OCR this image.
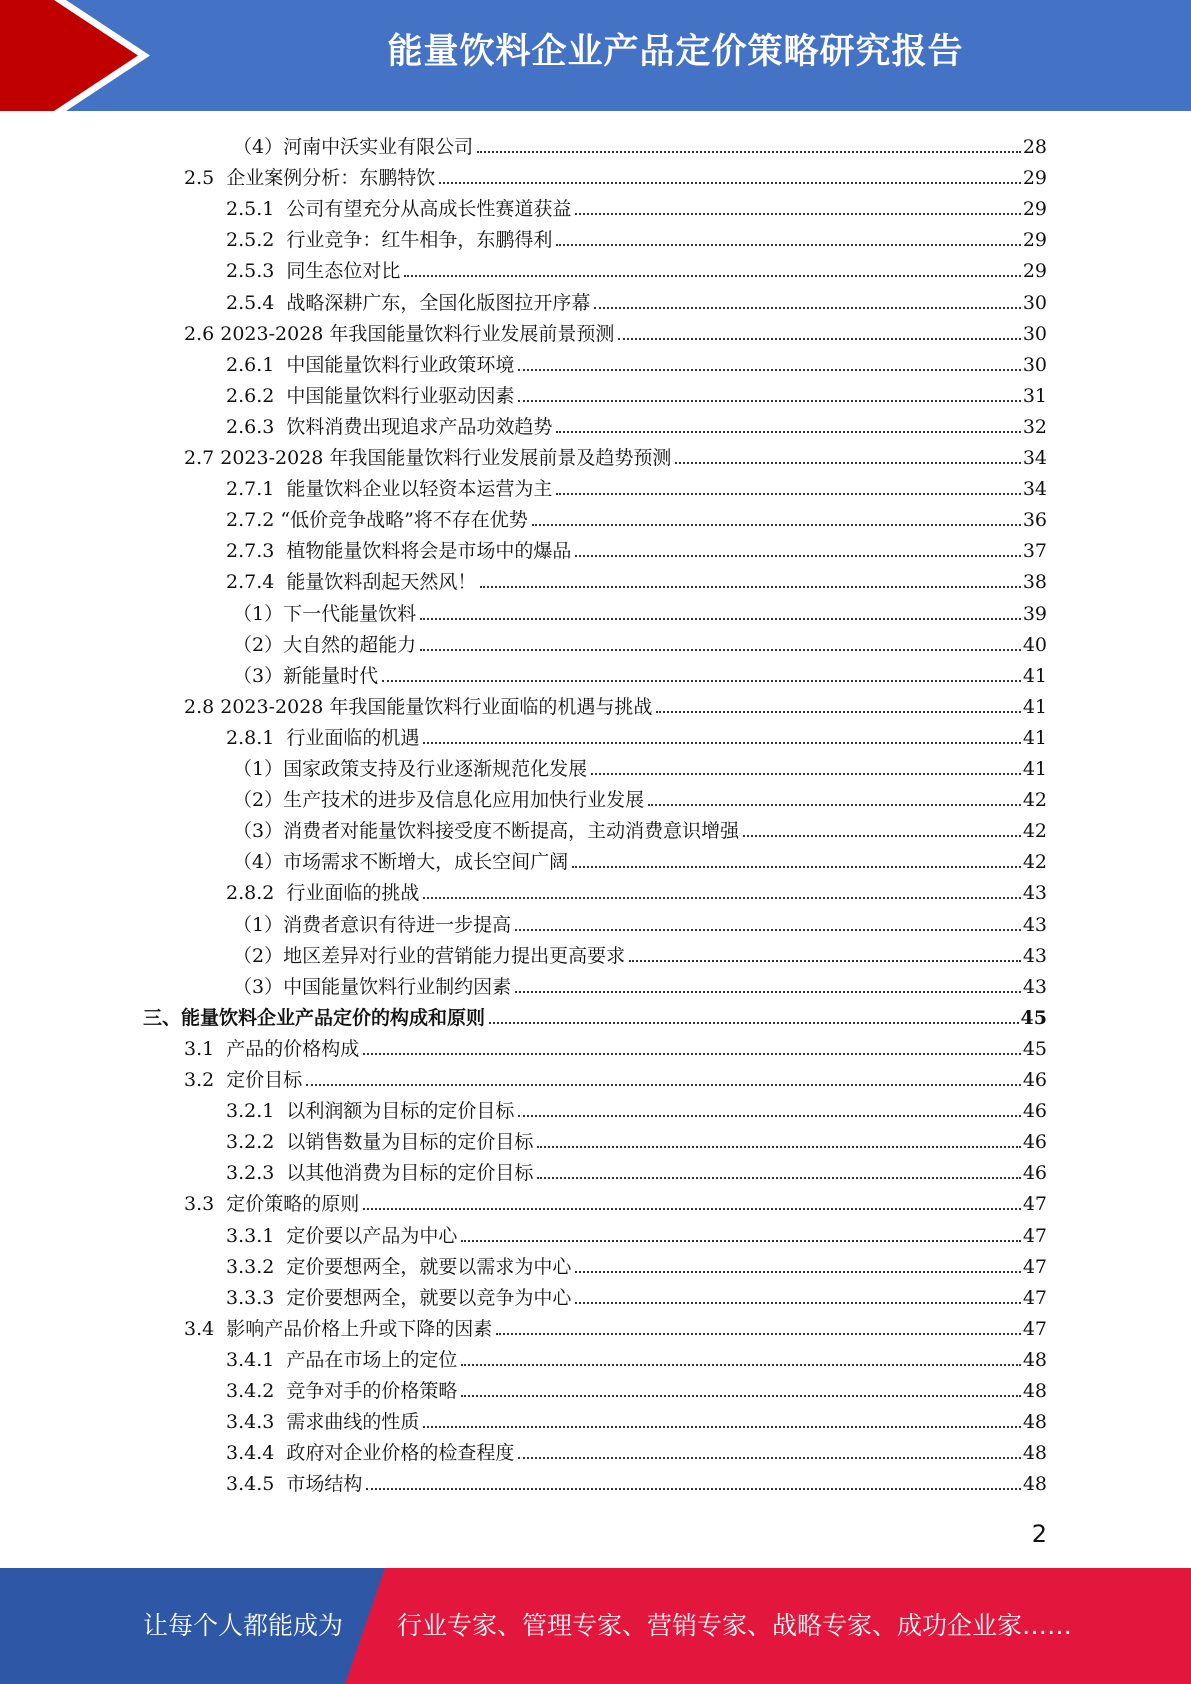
能量饮料企业产品定价策略研究报告
（4）河南中沃实业有限公司	28
2.5  企业案例分析：东鹏特饮	29
2.5.1  公司有望充分从高成长性赛道获益	29
2.5.2  行业竞争：红牛相争，东鹏得利	29
2.5.3  同生态位对比	29
2.5.4  战略深耕广东，全国化版图拉开序幕	30
2.6 2023-2028 年我国能量饮料行业发展前景预测	30
2.6.1  中国能量饮料行业政策环境	30
2.6.2  中国能量饮料行业驱动因素	31
2.6.3  饮料消费出现追求产品功效趋势	32
2.7 2023-2028 年我国能量饮料行业发展前景及趋势预测	34
2.7.1  能量饮料企业以轻资本运营为主	34
2.7.2 “低价竞争战略”将不存在优势	36
2.7.3  植物能量饮料将会是市场中的爆品	37
2.7.4  能量饮料刮起天然风！	38
（1）下一代能量饮料	39
（2）大自然的超能力	40
（3）新能量时代	41
2.8 2023-2028 年我国能量饮料行业面临的机遇与挑战	41
2.8.1  行业面临的机遇	41
（1）国家政策支持及行业逐渐规范化发展	41
（2）生产技术的进步及信息化应用加快行业发展	42
（3）消费者对能量饮料接受度不断提高，主动消费意识增强	42
（4）市场需求不断增大，成长空间广阔	42
2.8.2  行业面临的挑战	43
（1）消费者意识有待进一步提高	43
（2）地区差异对行业的营销能力提出更高要求	43
（3）中国能量饮料行业制约因素	43
三、能量饮料企业产品定价的构成和原则	45
3.1  产品的价格构成	45
3.2  定价目标	46
3.2.1  以利润额为目标的定价目标	46
3.2.2  以销售数量为目标的定价目标	46
3.2.3  以其他消费为目标的定价目标	46
3.3  定价策略的原则	47
3.3.1  定价要以产品为中心	47
3.3.2  定价要想两全，就要以需求为中心	47
3.3.3  定价要想两全，就要以竞争为中心	47
3.4  影响产品价格上升或下降的因素	47
3.4.1  产品在市场上的定位	48
3.4.2  竞争对手的价格策略	48
3.4.3  需求曲线的性质	48
3.4.4  政府对企业价格的检查程度	48
3.4.5  市场结构	48
2
让每个人都能成为 行业专家、管理专家、营销专家、战略专家、成功企业家……
